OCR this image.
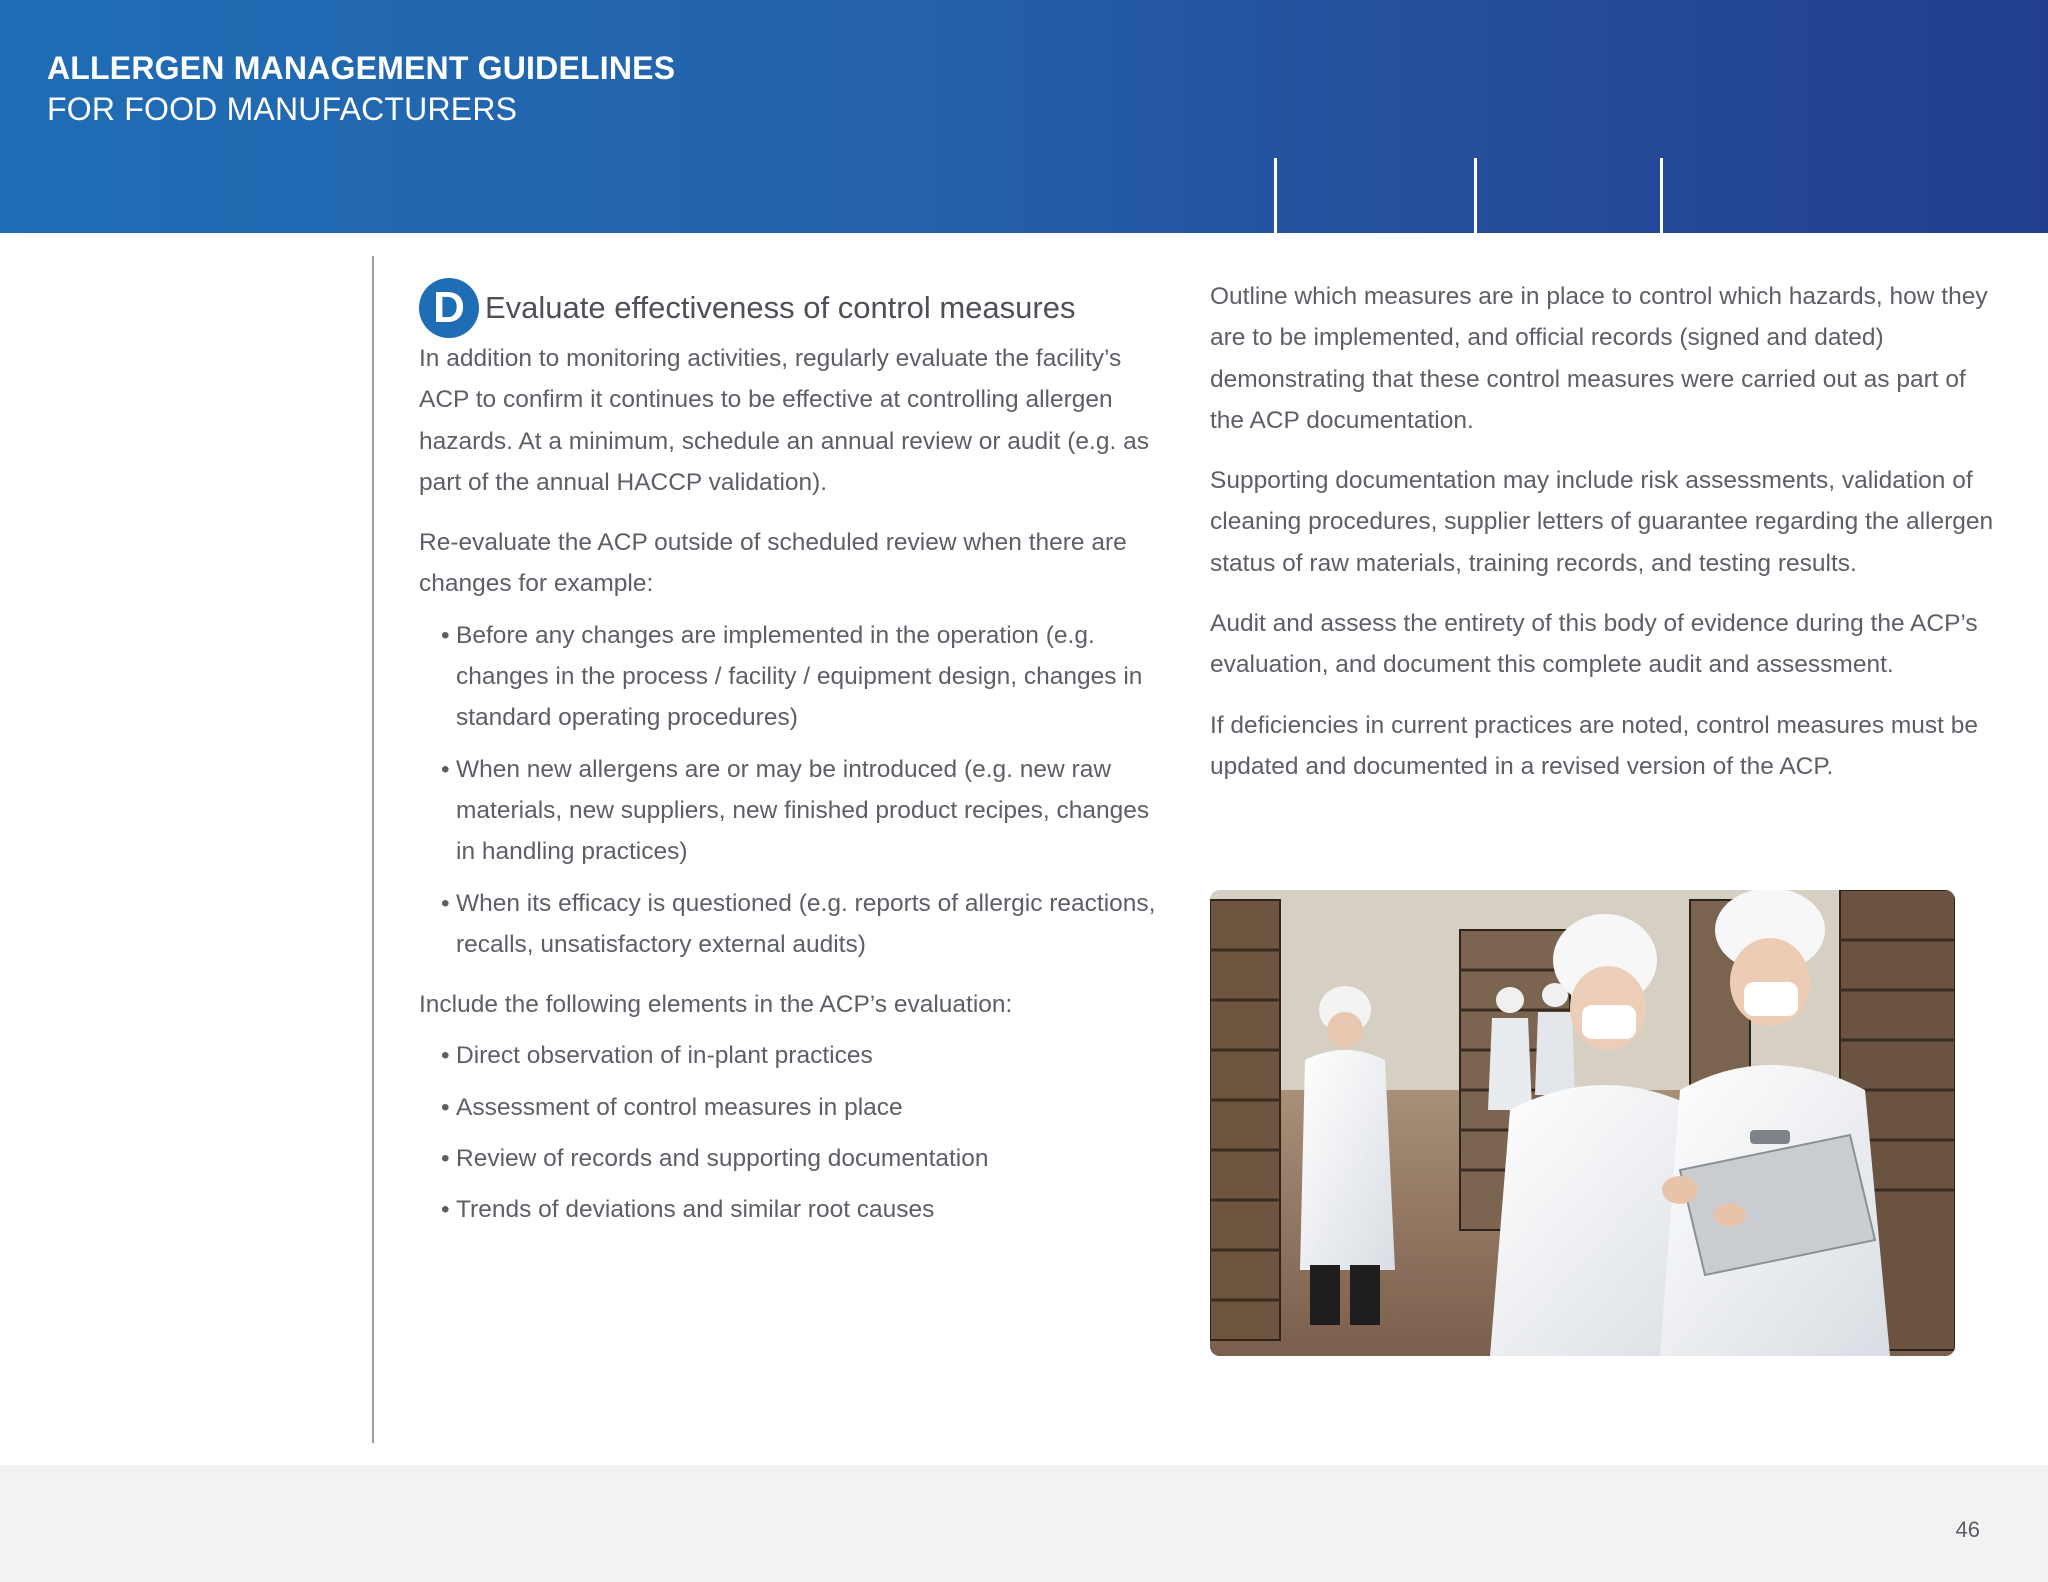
ALLERGEN MANAGEMENT GUIDELINES
FOR FOOD MANUFACTURERS
D Evaluate effectiveness of control measures

In addition to monitoring activities, regularly evaluate the facility’s ACP to confirm it continues to be effective at controlling allergen hazards. At a minimum, schedule an annual review or audit (e.g. as part of the annual HACCP validation).

Re-evaluate the ACP outside of scheduled review when there are changes for example:

• Before any changes are implemented in the operation (e.g. changes in the process / facility / equipment design, changes in standard operating procedures)
• When new allergens are or may be introduced (e.g. new raw materials, new suppliers, new finished product recipes, changes in handling practices)
• When its efficacy is questioned (e.g. reports of allergic reactions, recalls, unsatisfactory external audits)

Include the following elements in the ACP’s evaluation:

• Direct observation of in-plant practices
• Assessment of control measures in place
• Review of records and supporting documentation
• Trends of deviations and similar root causes

Outline which measures are in place to control which hazards, how they are to be implemented, and official records (signed and dated) demonstrating that these control measures were carried out as part of the ACP documentation.

Supporting documentation may include risk assessments, validation of cleaning procedures, supplier letters of guarantee regarding the allergen status of raw materials, training records, and testing results.

Audit and assess the entirety of this body of evidence during the ACP’s evaluation, and document this complete audit and assessment.

If deficiencies in current practices are noted, control measures must be updated and documented in a revised version of the ACP.

46
